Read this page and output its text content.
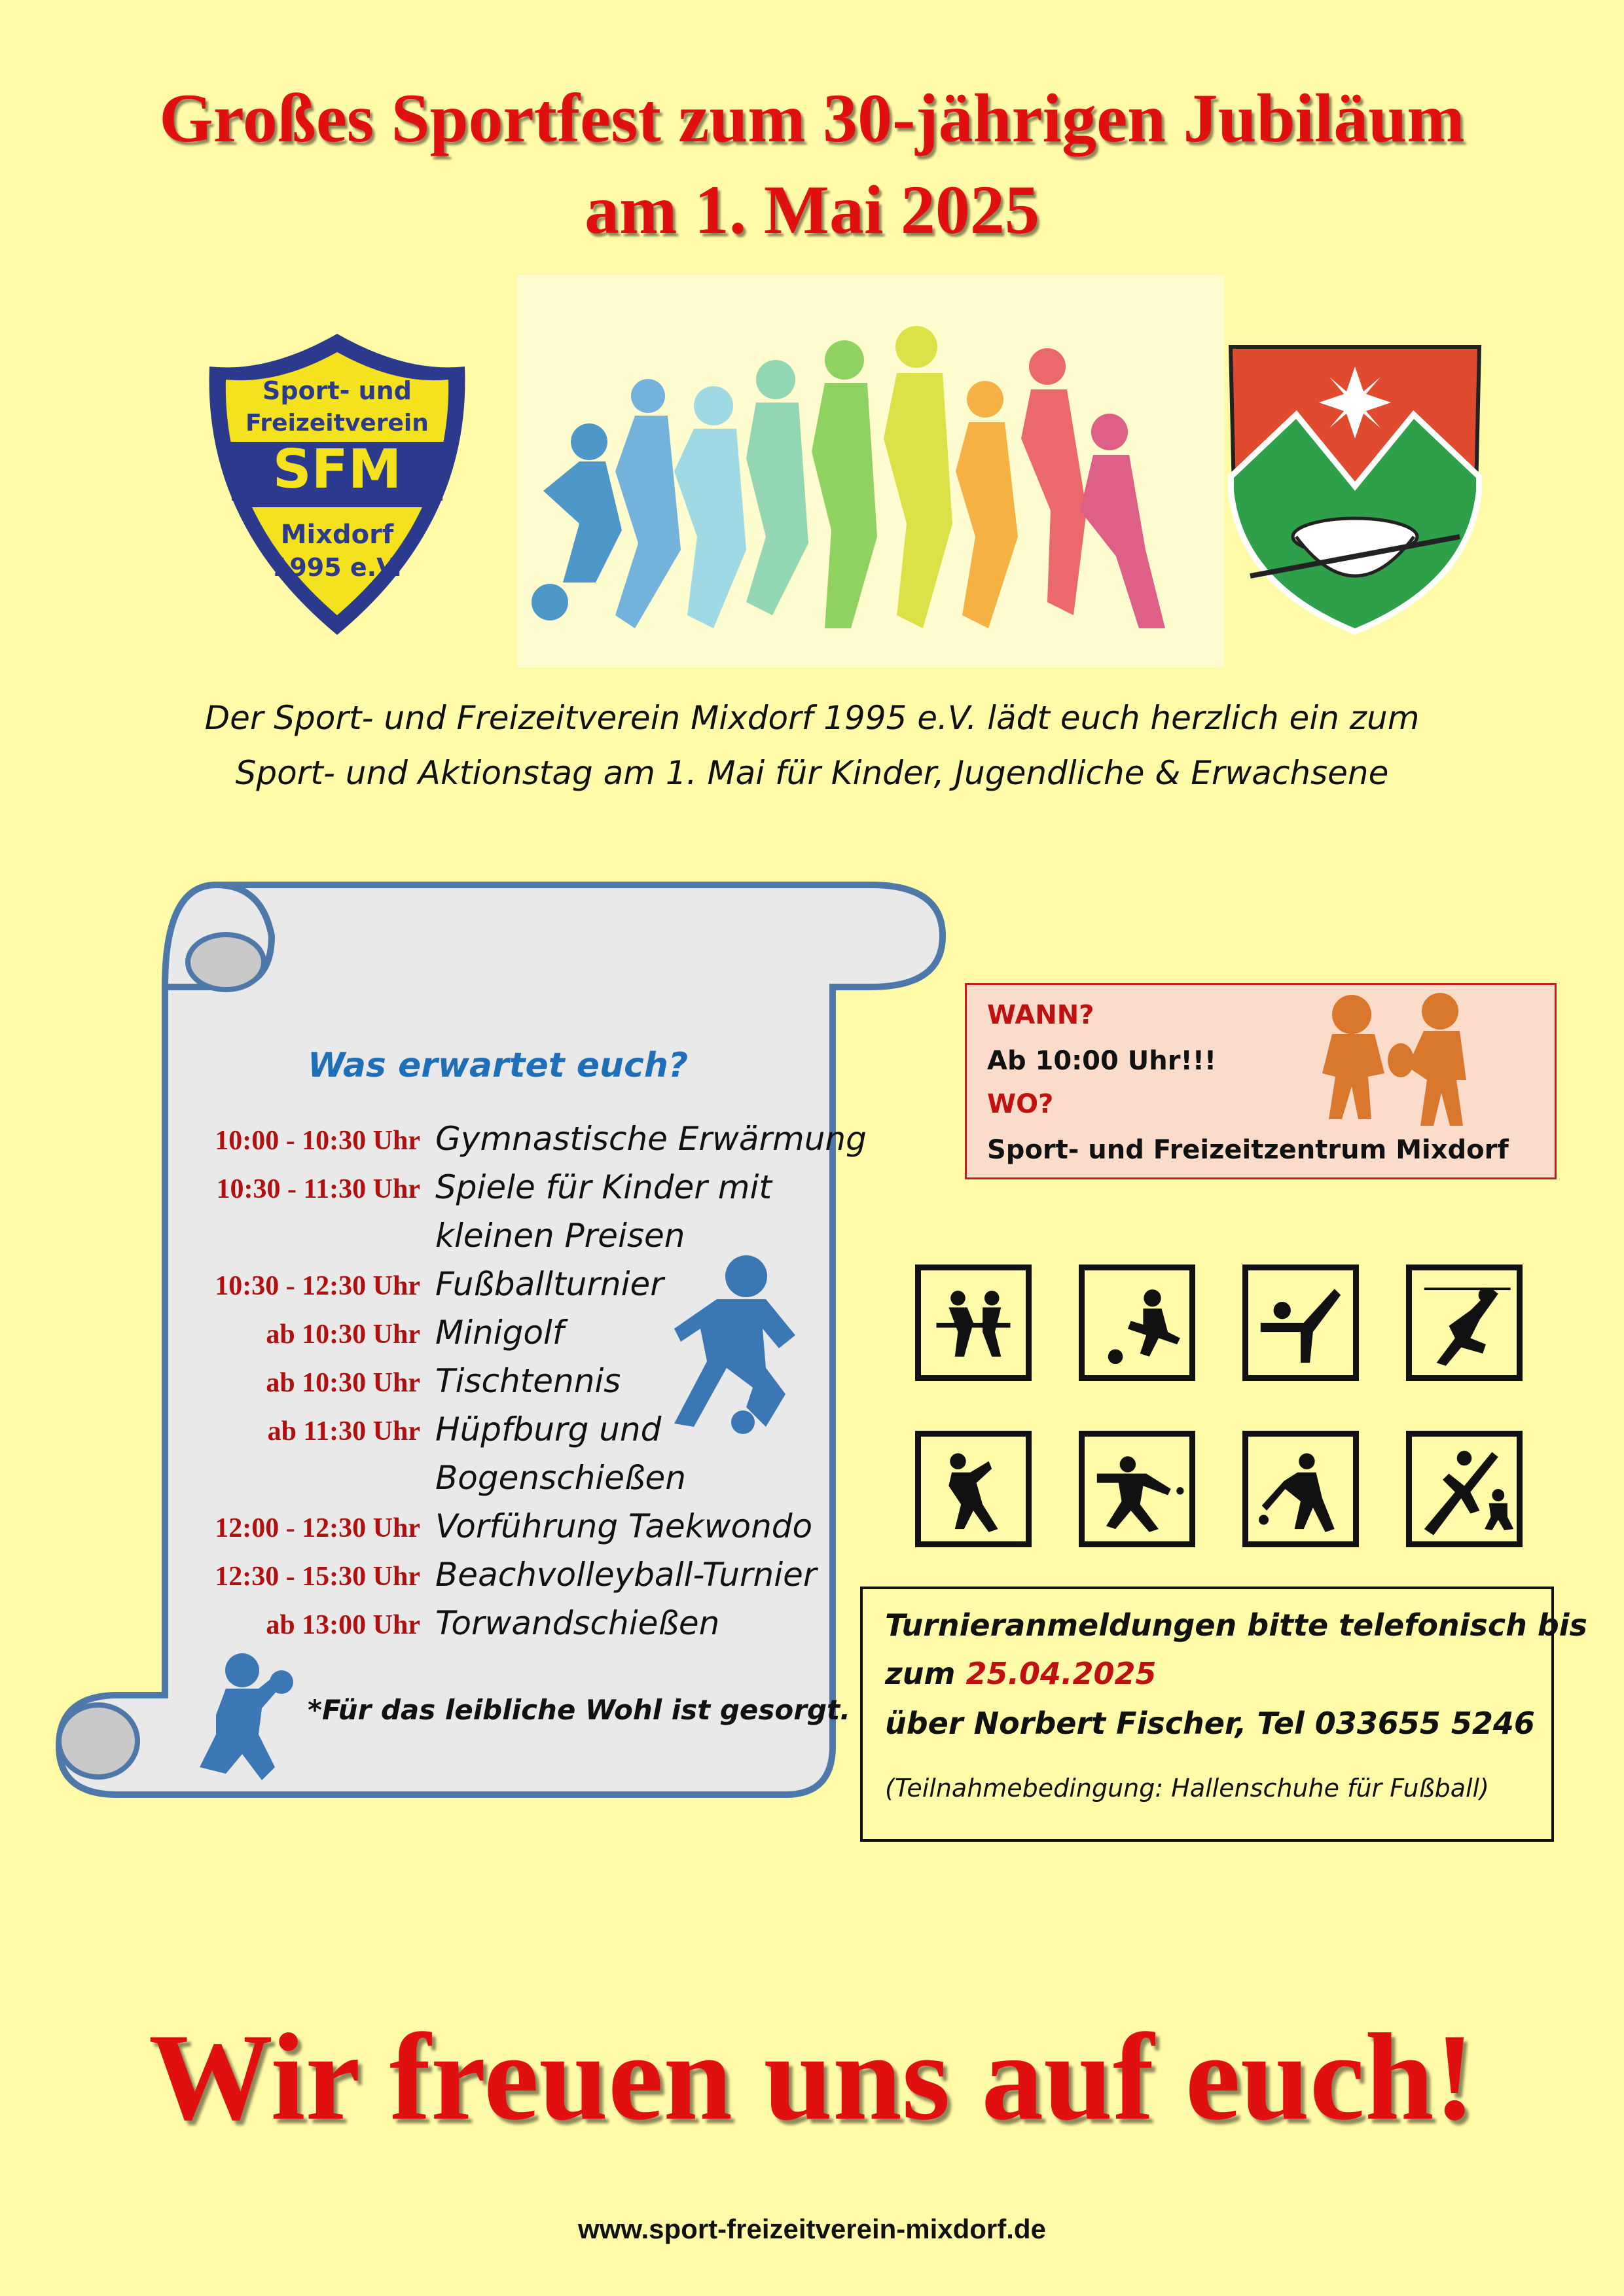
Großes Sportfest zum 30-jährigen Jubiläum
am 1. Mai 2025
Sport- und
Freizeitverein
SFM
Mixdorf
1995 e.V.
Der Sport- und Freizeitverein Mixdorf 1995 e.V. lädt euch herzlich ein zum
Sport- und Aktionstag am 1. Mai für Kinder, Jugendliche & Erwachsene
Was erwartet euch?
10:00 - 10:30 Uhr Gymnastische Erwärmung
10:30 - 11:30 Uhr Spiele für Kinder mit
kleinen Preisen
10:30 - 12:30 Uhr Fußballturnier
ab 10:30 Uhr Minigolf
ab 10:30 Uhr Tischtennis
ab 11:30 Uhr Hüpfburg und
Bogenschießen
12:00 - 12:30 Uhr Vorführung Taekwondo
12:30 - 15:30 Uhr Beachvolleyball-Turnier
ab 13:00 Uhr Torwandschießen
*Für das leibliche Wohl ist gesorgt.
WANN?
Ab 10:00 Uhr!!!
WO?
Sport- und Freizeitzentrum Mixdorf
Turnieranmeldungen bitte telefonisch bis
zum 25.04.2025
über Norbert Fischer, Tel 033655 5246
(Teilnahmebedingung: Hallenschuhe für Fußball)
Wir freuen uns auf euch!
www.sport-freizeitverein-mixdorf.de
